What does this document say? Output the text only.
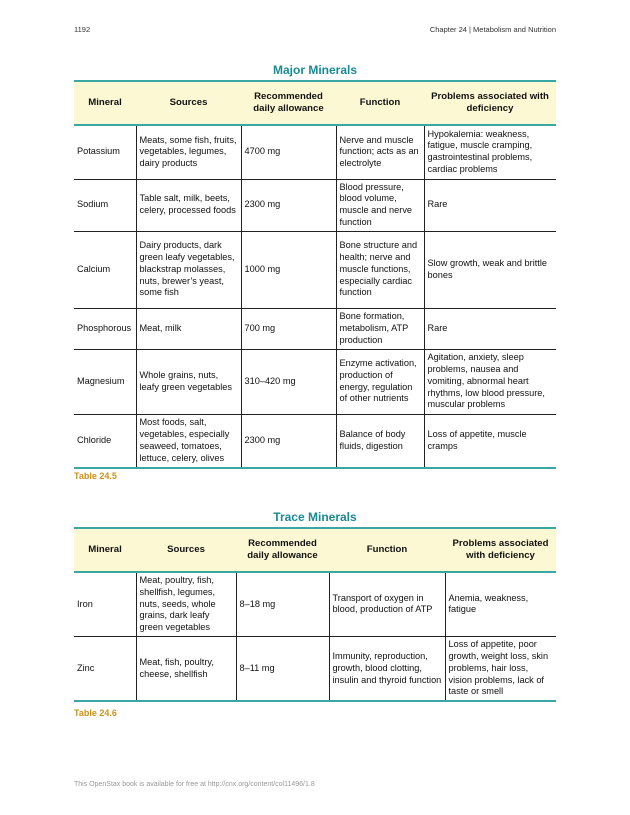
1192	Chapter 24 | Metabolism and Nutrition
Major Minerals
Mineral	Sources	Recommended daily allowance	Function	Problems associated with deficiency
Potassium	Meats, some fish, fruits, vegetables, legumes, dairy products	4700 mg	Nerve and muscle function; acts as an electrolyte	Hypokalemia: weakness, fatigue, muscle cramping, gastrointestinal problems, cardiac problems
Sodium	Table salt, milk, beets, celery, processed foods	2300 mg	Blood pressure, blood volume, muscle and nerve function	Rare
Calcium	Dairy products, dark green leafy vegetables, blackstrap molasses, nuts, brewer’s yeast, some fish	1000 mg	Bone structure and health; nerve and muscle functions, especially cardiac function	Slow growth, weak and brittle bones
Phosphorous	Meat, milk	700 mg	Bone formation, metabolism, ATP production	Rare
Magnesium	Whole grains, nuts, leafy green vegetables	310–420 mg	Enzyme activation, production of energy, regulation of other nutrients	Agitation, anxiety, sleep problems, nausea and vomiting, abnormal heart rhythms, low blood pressure, muscular problems
Chloride	Most foods, salt, vegetables, especially seaweed, tomatoes, lettuce, celery, olives	2300 mg	Balance of body fluids, digestion	Loss of appetite, muscle cramps
Table 24.5
Trace Minerals
Mineral	Sources	Recommended daily allowance	Function	Problems associated with deficiency
Iron	Meat, poultry, fish, shellfish, legumes, nuts, seeds, whole grains, dark leafy green vegetables	8–18 mg	Transport of oxygen in blood, production of ATP	Anemia, weakness, fatigue
Zinc	Meat, fish, poultry, cheese, shellfish	8–11 mg	Immunity, reproduction, growth, blood clotting, insulin and thyroid function	Loss of appetite, poor growth, weight loss, skin problems, hair loss, vision problems, lack of taste or smell
Table 24.6
This OpenStax book is available for free at http://cnx.org/content/col11496/1.8
